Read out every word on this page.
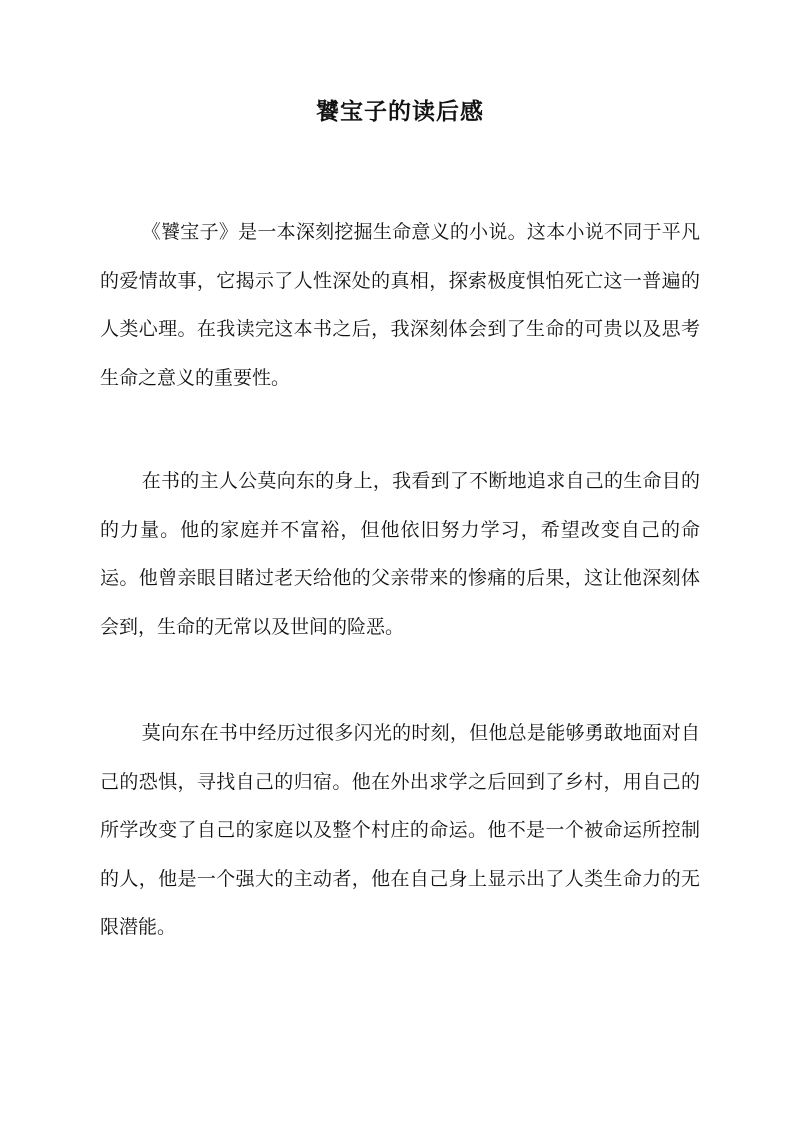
饕宝子的读后感

《饕宝子》是一本深刻挖掘生命意义的小说。这本小说不同于平凡的爱情故事，它揭示了人性深处的真相，探索极度惧怕死亡这一普遍的人类心理。在我读完这本书之后，我深刻体会到了生命的可贵以及思考生命之意义的重要性。

在书的主人公莫向东的身上，我看到了不断地追求自己的生命目的的力量。他的家庭并不富裕，但他依旧努力学习，希望改变自己的命运。他曾亲眼目睹过老天给他的父亲带来的惨痛的后果，这让他深刻体会到，生命的无常以及世间的险恶。

莫向东在书中经历过很多闪光的时刻，但他总是能够勇敢地面对自己的恐惧，寻找自己的归宿。他在外出求学之后回到了乡村，用自己的所学改变了自己的家庭以及整个村庄的命运。他不是一个被命运所控制的人，他是一个强大的主动者，他在自己身上显示出了人类生命力的无限潜能。
